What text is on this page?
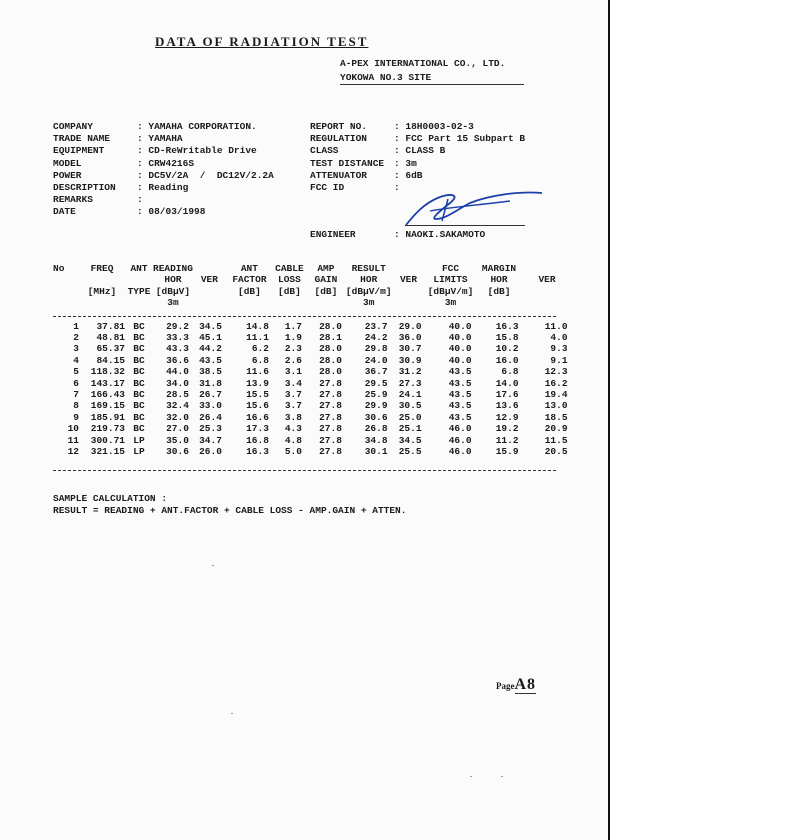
DATA OF RADIATION TEST
A-PEX INTERNATIONAL CO., LTD.
YOKOWA NO.3 SITE
COMPANY	: YAMAHA CORPORATION.
TRADE NAME	: YAMAHA
EQUIPMENT	: CD-ReWritable Drive
MODEL	: CRW4216S
POWER	: DC5V/2A  /  DC12V/2.2A
DESCRIPTION	: Reading
REMARKS	:
DATE	: 08/03/1998
REPORT NO.	: 18H0003-02-3
REGULATION	: FCC Part 15 Subpart B
CLASS	: CLASS B
TEST DISTANCE	: 3m
ATTENUATOR	: 6dB
FCC ID	:
ENGINEER	: NAOKI.SAKAMOTO
No	FREQ	ANT	READING		ANT	CABLE	AMP	RESULT		FCC	MARGIN	
			HOR	VER	FACTOR	LOSS	GAIN	HOR	VER	LIMITS	HOR	VER
	[MHz]	TYPE	[dBμV]		[dB]	[dB]	[dB]	[dBμV/m]		[dBμV/m]	[dB]	
			3m					3m		3m		

1	37.81	BC	29.2	34.5	14.8	1.7	28.0	23.7	29.0	40.0	16.3	11.0
2	48.81	BC	33.3	45.1	11.1	1.9	28.1	24.2	36.0	40.0	15.8	4.0
3	65.37	BC	43.3	44.2	6.2	2.3	28.0	29.8	30.7	40.0	10.2	9.3
4	84.15	BC	36.6	43.5	6.8	2.6	28.0	24.0	30.9	40.0	16.0	9.1
5	118.32	BC	44.0	38.5	11.6	3.1	28.0	36.7	31.2	43.5	6.8	12.3
6	143.17	BC	34.0	31.8	13.9	3.4	27.8	29.5	27.3	43.5	14.0	16.2
7	166.43	BC	28.5	26.7	15.5	3.7	27.8	25.9	24.1	43.5	17.6	19.4
8	169.15	BC	32.4	33.0	15.6	3.7	27.8	29.9	30.5	43.5	13.6	13.0
9	185.91	BC	32.0	26.4	16.6	3.8	27.8	30.6	25.0	43.5	12.9	18.5
10	219.73	BC	27.0	25.3	17.3	4.3	27.8	26.8	25.1	46.0	19.2	20.9
11	300.71	LP	35.0	34.7	16.8	4.8	27.8	34.8	34.5	46.0	11.2	11.5
12	321.15	LP	30.6	26.0	16.3	5.0	27.8	30.1	25.5	46.0	15.9	20.5
SAMPLE CALCULATION :
RESULT = READING + ANT.FACTOR + CABLE LOSS - AMP.GAIN + ATTEN.
PageA8
